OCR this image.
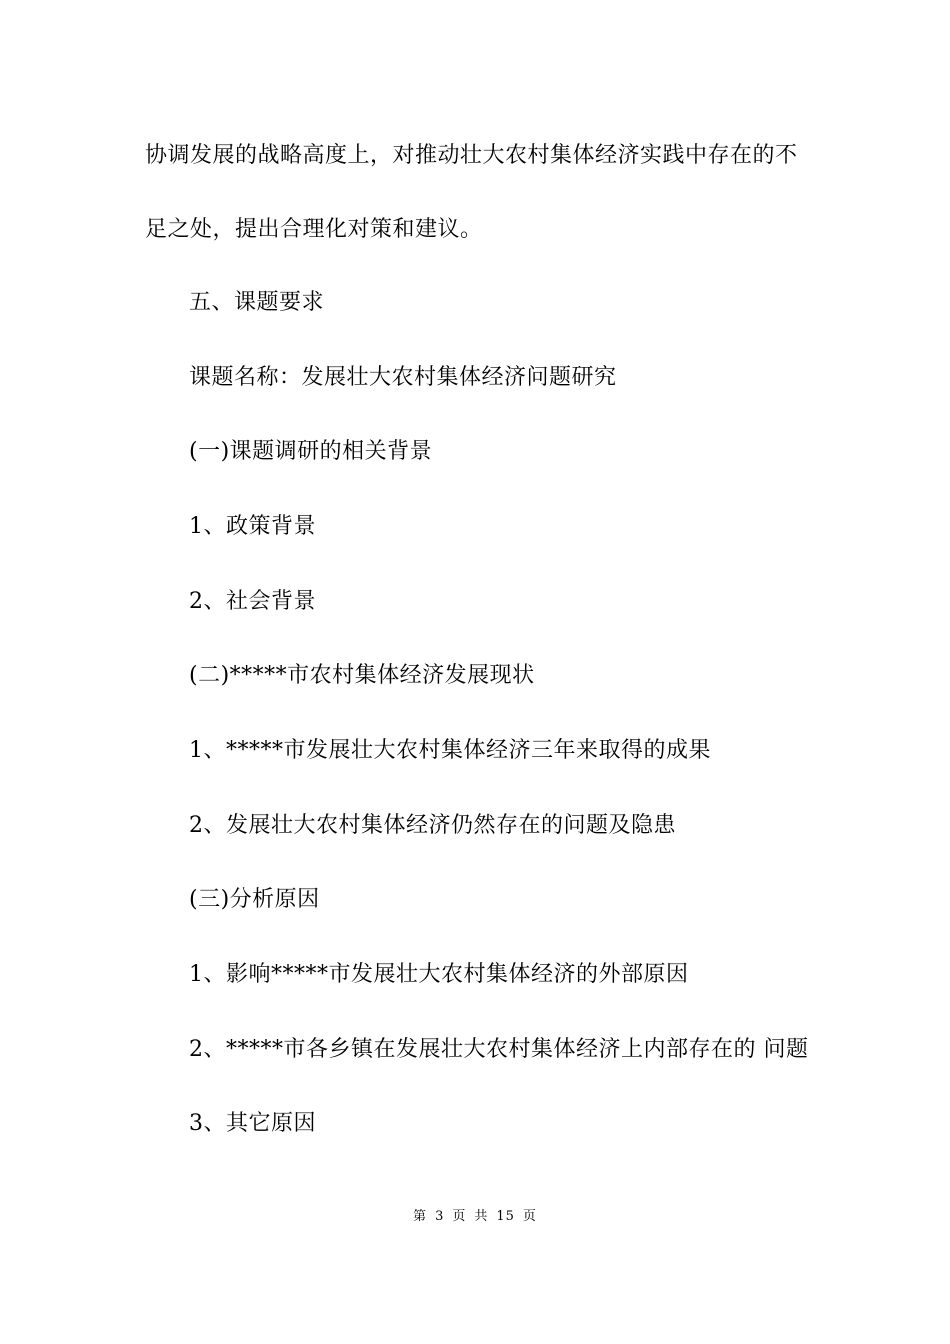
协调发展的战略高度上，对推动壮大农村集体经济实践中存在的不
足之处，提出合理化对策和建议。
五、课题要求
课题名称：发展壮大农村集体经济问题研究
(一)课题调研的相关背景
1、政策背景
2、社会背景
(二)*****市农村集体经济发展现状
1、*****市发展壮大农村集体经济三年来取得的成果
2、发展壮大农村集体经济仍然存在的问题及隐患
(三)分析原因
1、影响*****市发展壮大农村集体经济的外部原因
2、*****市各乡镇在发展壮大农村集体经济上内部存在的 问题
3、其它原因
第 3 页 共 15 页
